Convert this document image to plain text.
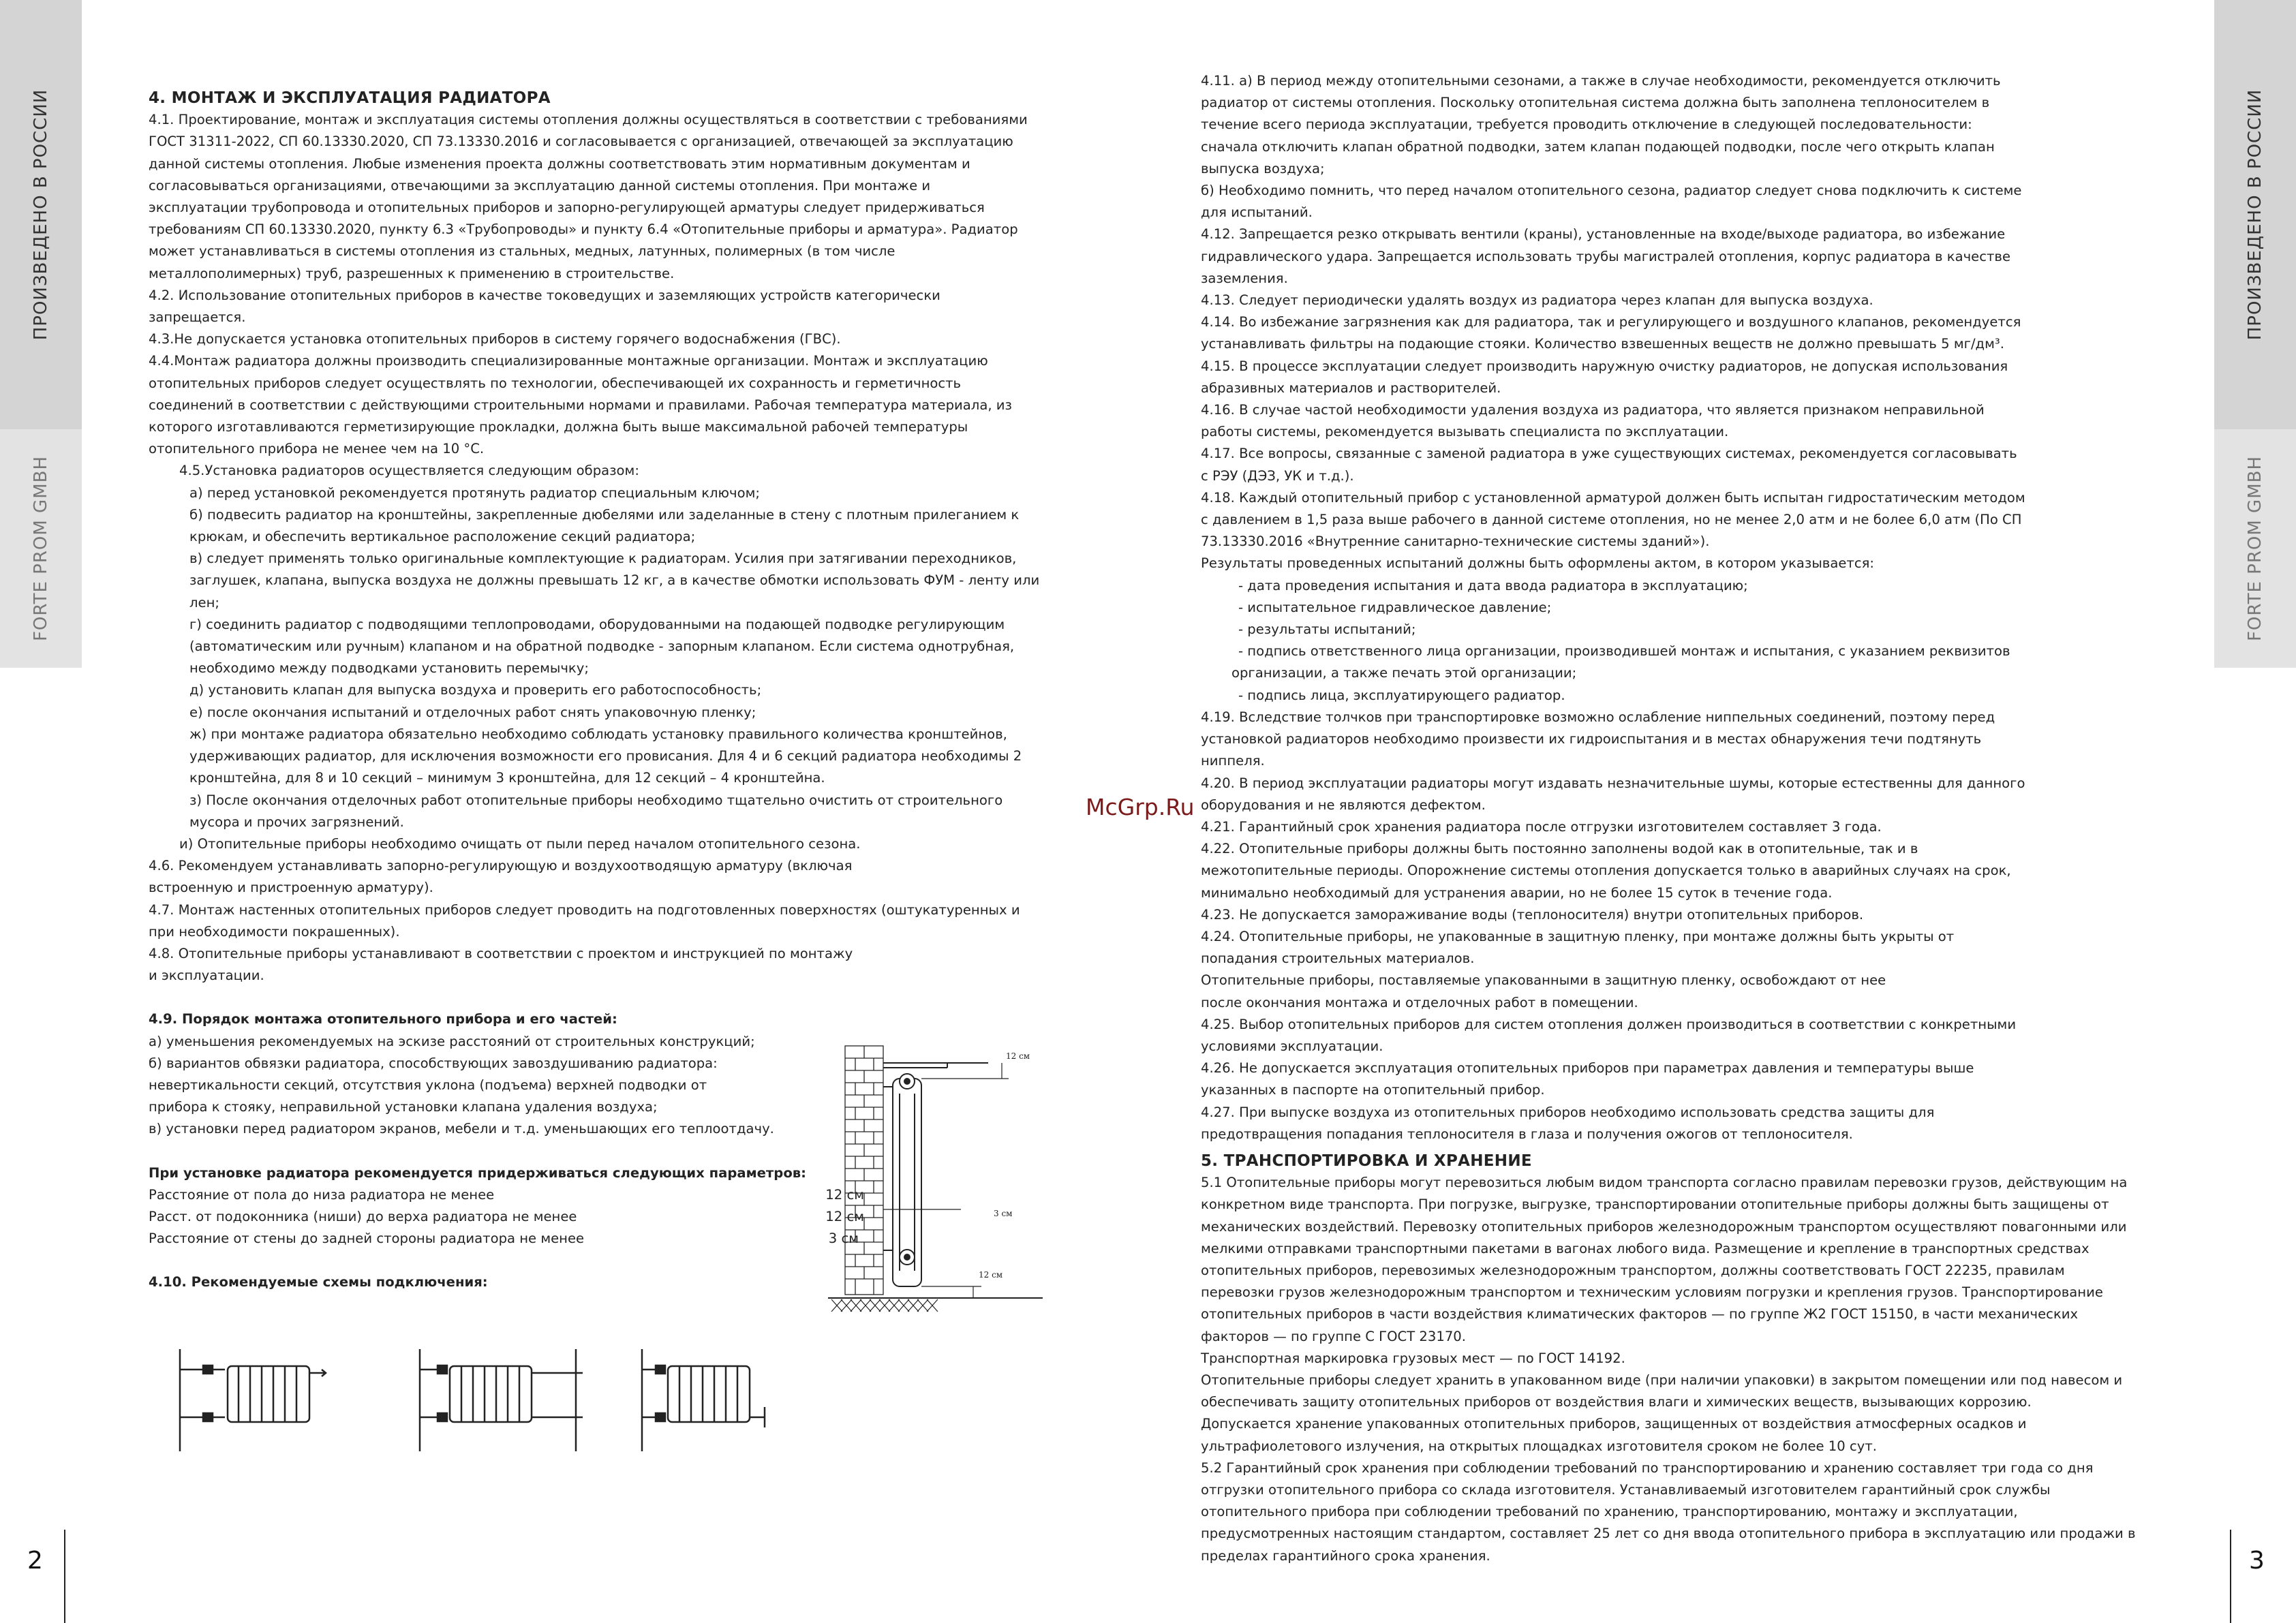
ПРОИЗВЕДЕНО В РОССИИ
FORTE PROM GMBH
2
ПРОИЗВЕДЕНО В РОССИИ
FORTE PROM GMBH
3
McGrp.Ru

4. МОНТАЖ И ЭКСПЛУАТАЦИЯ РАДИАТОРА

4.1. Проектирование, монтаж и эксплуатация системы отопления должны осуществляться в соответствии с требованиями

ГОСТ 31311-2022, СП 60.13330.2020, СП 73.13330.2016 и согласовывается с организацией, отвечающей за эксплуатацию

данной системы отопления. Любые изменения проекта должны соответствовать этим нормативным документам и

согласовываться организациями, отвечающими за эксплуатацию данной системы отопления. При монтаже и

эксплуатации трубопровода и отопительных приборов и запорно-регулирующей арматуры следует придерживаться

требованиям СП 60.13330.2020, пункту 6.3 «Трубопроводы» и пункту 6.4 «Отопительные приборы и арматура». Радиатор

может устанавливаться в системы отопления из стальных, медных, латунных, полимерных (в том числе

металлополимерных) труб, разрешенных к применению в строительстве.

4.2. Использование отопительных приборов в качестве токоведущих и заземляющих устройств категорически

запрещается.

4.3.Не допускается установка отопительных приборов в систему горячего водоснабжения (ГВС).

4.4.Монтаж радиатора должны производить специализированные монтажные организации. Монтаж и эксплуатацию

отопительных приборов следует осуществлять по технологии, обеспечивающей их сохранность и герметичность

соединений в соответствии с действующими строительными нормами и правилами. Рабочая температура материала, из

которого изготавливаются герметизирующие прокладки, должна быть выше максимальной рабочей температуры

отопительного прибора не менее чем на 10 °С.

4.5.Установка радиаторов осуществляется следующим образом:

а) перед установкой рекомендуется протянуть радиатор специальным ключом;

б) подвесить радиатор на кронштейны, закрепленные дюбелями или заделанные в стену с плотным прилеганием к

крюкам, и обеспечить вертикальное расположение секций радиатора;

в) следует применять только оригинальные комплектующие к радиаторам. Усилия при затягивании переходников,

заглушек, клапана, выпуска воздуха не должны превышать 12 кг, а в качестве обмотки использовать ФУМ - ленту или

лен;

г) соединить радиатор с подводящими теплопроводами, оборудованными на подающей подводке регулирующим

(автоматическим или ручным) клапаном и на обратной подводке - запорным клапаном. Если система однотрубная,

необходимо между подводками установить перемычку;

д) установить клапан для выпуска воздуха и проверить его работоспособность;

е) после окончания испытаний и отделочных работ снять упаковочную пленку;

ж) при монтаже радиатора обязательно необходимо соблюдать установку правильного количества кронштейнов,

удерживающих радиатор, для исключения возможности его провисания. Для 4 и 6 секций радиатора необходимы 2

кронштейна, для 8 и 10 секций – минимум 3 кронштейна, для 12 секций – 4 кронштейна.

з) После окончания отделочных работ отопительные приборы необходимо тщательно очистить от строительного

мусора и прочих загрязнений.

и) Отопительные приборы необходимо очищать от пыли перед началом отопительного сезона.

4.6. Рекомендуем устанавливать запорно-регулирующую и воздухоотводящую арматуру (включая

встроенную и пристроенную арматуру).

4.7. Монтаж настенных отопительных приборов следует проводить на подготовленных поверхностях (оштукатуренных и

при необходимости покрашенных).

4.8. Отопительные приборы устанавливают в соответствии с проектом и инструкцией по монтажу

и эксплуатации.

4.9. Порядок монтажа отопительного прибора и его частей:

а) уменьшения рекомендуемых на эскизе расстояний от строительных конструкций;

б) вариантов обвязки радиатора, способствующих завоздушиванию радиатора:

невертикальности секций, отсутствия уклона (подъема) верхней подводки от

прибора к стояку, неправильной установки клапана удаления воздуха;

в) установки перед радиатором экранов, мебели и т.д. уменьшающих его теплоотдачу.

При установке радиатора рекомендуется придерживаться следующих параметров:

Расстояние от пола до низа радиатора не менее	12 см
Расст. от подоконника (ниши) до верха радиатора не менее	12 см
Расстояние от стены до задней стороны радиатора не менее	3 см

4.10. Рекомендуемые схемы подключения:

12 см
3 см
12 см

4.11. а) В период между отопительными сезонами, а также в случае необходимости, рекомендуется отключить

радиатор от системы отопления. Поскольку отопительная система должна быть заполнена теплоносителем в

течение всего периода эксплуатации, требуется проводить отключение в следующей последовательности:

сначала отключить клапан обратной подводки, затем клапан подающей подводки, после чего открыть клапан

выпуска воздуха;

б) Необходимо помнить, что перед началом отопительного сезона, радиатор следует снова подключить к системе

для испытаний.

4.12. Запрещается резко открывать вентили (краны), установленные на входе/выходе радиатора, во избежание

гидравлического удара. Запрещается использовать трубы магистралей отопления, корпус радиатора в качестве

заземления.

4.13. Следует периодически удалять воздух из радиатора через клапан для выпуска воздуха.

4.14. Во избежание загрязнения как для радиатора, так и регулирующего и воздушного клапанов, рекомендуется

устанавливать фильтры на подающие стояки. Количество взвешенных веществ не должно превышать 5 мг/дм³.

4.15. В процессе эксплуатации следует производить наружную очистку радиаторов, не допуская использования

абразивных материалов и растворителей.

4.16. В случае частой необходимости удаления воздуха из радиатора, что является признаком неправильной

работы системы, рекомендуется вызывать специалиста по эксплуатации.

4.17. Все вопросы, связанные с заменой радиатора в уже существующих системах, рекомендуется согласовывать

с РЭУ (ДЭЗ, УК и т.д.).

4.18. Каждый отопительный прибор с установленной арматурой должен быть испытан гидростатическим методом

с давлением в 1,5 раза выше рабочего в данной системе отопления, но не менее 2,0 атм и не более 6,0 атм (По СП

73.13330.2016 «Внутренние санитарно-технические системы зданий»).

Результаты проведенных испытаний должны быть оформлены актом, в котором указывается:

- дата проведения испытания и дата ввода радиатора в эксплуатацию;

- испытательное гидравлическое давление;

- результаты испытаний;

- подпись ответственного лица организации, производившей монтаж и испытания, с указанием реквизитов

организации, а также печать этой организации;

- подпись лица, эксплуатирующего радиатор.

4.19. Вследствие толчков при транспортировке возможно ослабление ниппельных соединений, поэтому перед

установкой радиаторов необходимо произвести их гидроиспытания и в местах обнаружения течи подтянуть

ниппеля.

4.20. В период эксплуатации радиаторы могут издавать незначительные шумы, которые естественны для данного

оборудования и не являются дефектом.

4.21. Гарантийный срок хранения радиатора после отгрузки изготовителем составляет 3 года.

4.22. Отопительные приборы должны быть постоянно заполнены водой как в отопительные, так и в

межотопительные периоды. Опорожнение системы отопления допускается только в аварийных случаях на срок,

минимально необходимый для устранения аварии, но не более 15 суток в течение года.

4.23. Не допускается замораживание воды (теплоносителя) внутри отопительных приборов.

4.24. Отопительные приборы, не упакованные в защитную пленку, при монтаже должны быть укрыты от

попадания строительных материалов.

Отопительные приборы, поставляемые упакованными в защитную пленку, освобождают от нее

после окончания монтажа и отделочных работ в помещении.

4.25. Выбор отопительных приборов для систем отопления должен производиться в соответствии с конкретными

условиями эксплуатации.

4.26. Не допускается эксплуатация отопительных приборов при параметрах давления и температуры выше

указанных в паспорте на отопительный прибор.

4.27. При выпуске воздуха из отопительных приборов необходимо использовать средства защиты для

предотвращения попадания теплоносителя в глаза и получения ожогов от теплоносителя.

5. ТРАНСПОРТИРОВКА И ХРАНЕНИЕ

5.1 Отопительные приборы могут перевозиться любым видом транспорта согласно правилам перевозки грузов, действующим на

конкретном виде транспорта. При погрузке, выгрузке, транспортировании отопительные приборы должны быть защищены от

механических воздействий. Перевозку отопительных приборов железнодорожным транспортом осуществляют повагонными или

мелкими отправками транспортными пакетами в вагонах любого вида. Размещение и крепление в транспортных средствах

отопительных приборов, перевозимых железнодорожным транспортом, должны соответствовать ГОСТ 22235, правилам

перевозки грузов железнодорожным транспортом и техническим условиям погрузки и крепления грузов. Транспортирование

отопительных приборов в части воздействия климатических факторов — по группе Ж2 ГОСТ 15150, в части механических

факторов — по группе С ГОСТ 23170.

Транспортная маркировка грузовых мест — по ГОСТ 14192.

Отопительные приборы следует хранить в упакованном виде (при наличии упаковки) в закрытом помещении или под навесом и

обеспечивать защиту отопительных приборов от воздействия влаги и химических веществ, вызывающих коррозию.

Допускается хранение упакованных отопительных приборов, защищенных от воздействия атмосферных осадков и

ультрафиолетового излучения, на открытых площадках изготовителя сроком не более 10 сут.

5.2 Гарантийный срок хранения при соблюдении требований по транспортированию и хранению составляет три года со дня

отгрузки отопительного прибора со склада изготовителя. Устанавливаемый изготовителем гарантийный срок службы

отопительного прибора при соблюдении требований по хранению, транспортированию, монтажу и эксплуатации,

предусмотренных настоящим стандартом, составляет 25 лет со дня ввода отопительного прибора в эксплуатацию или продажи в

пределах гарантийного срока хранения.
